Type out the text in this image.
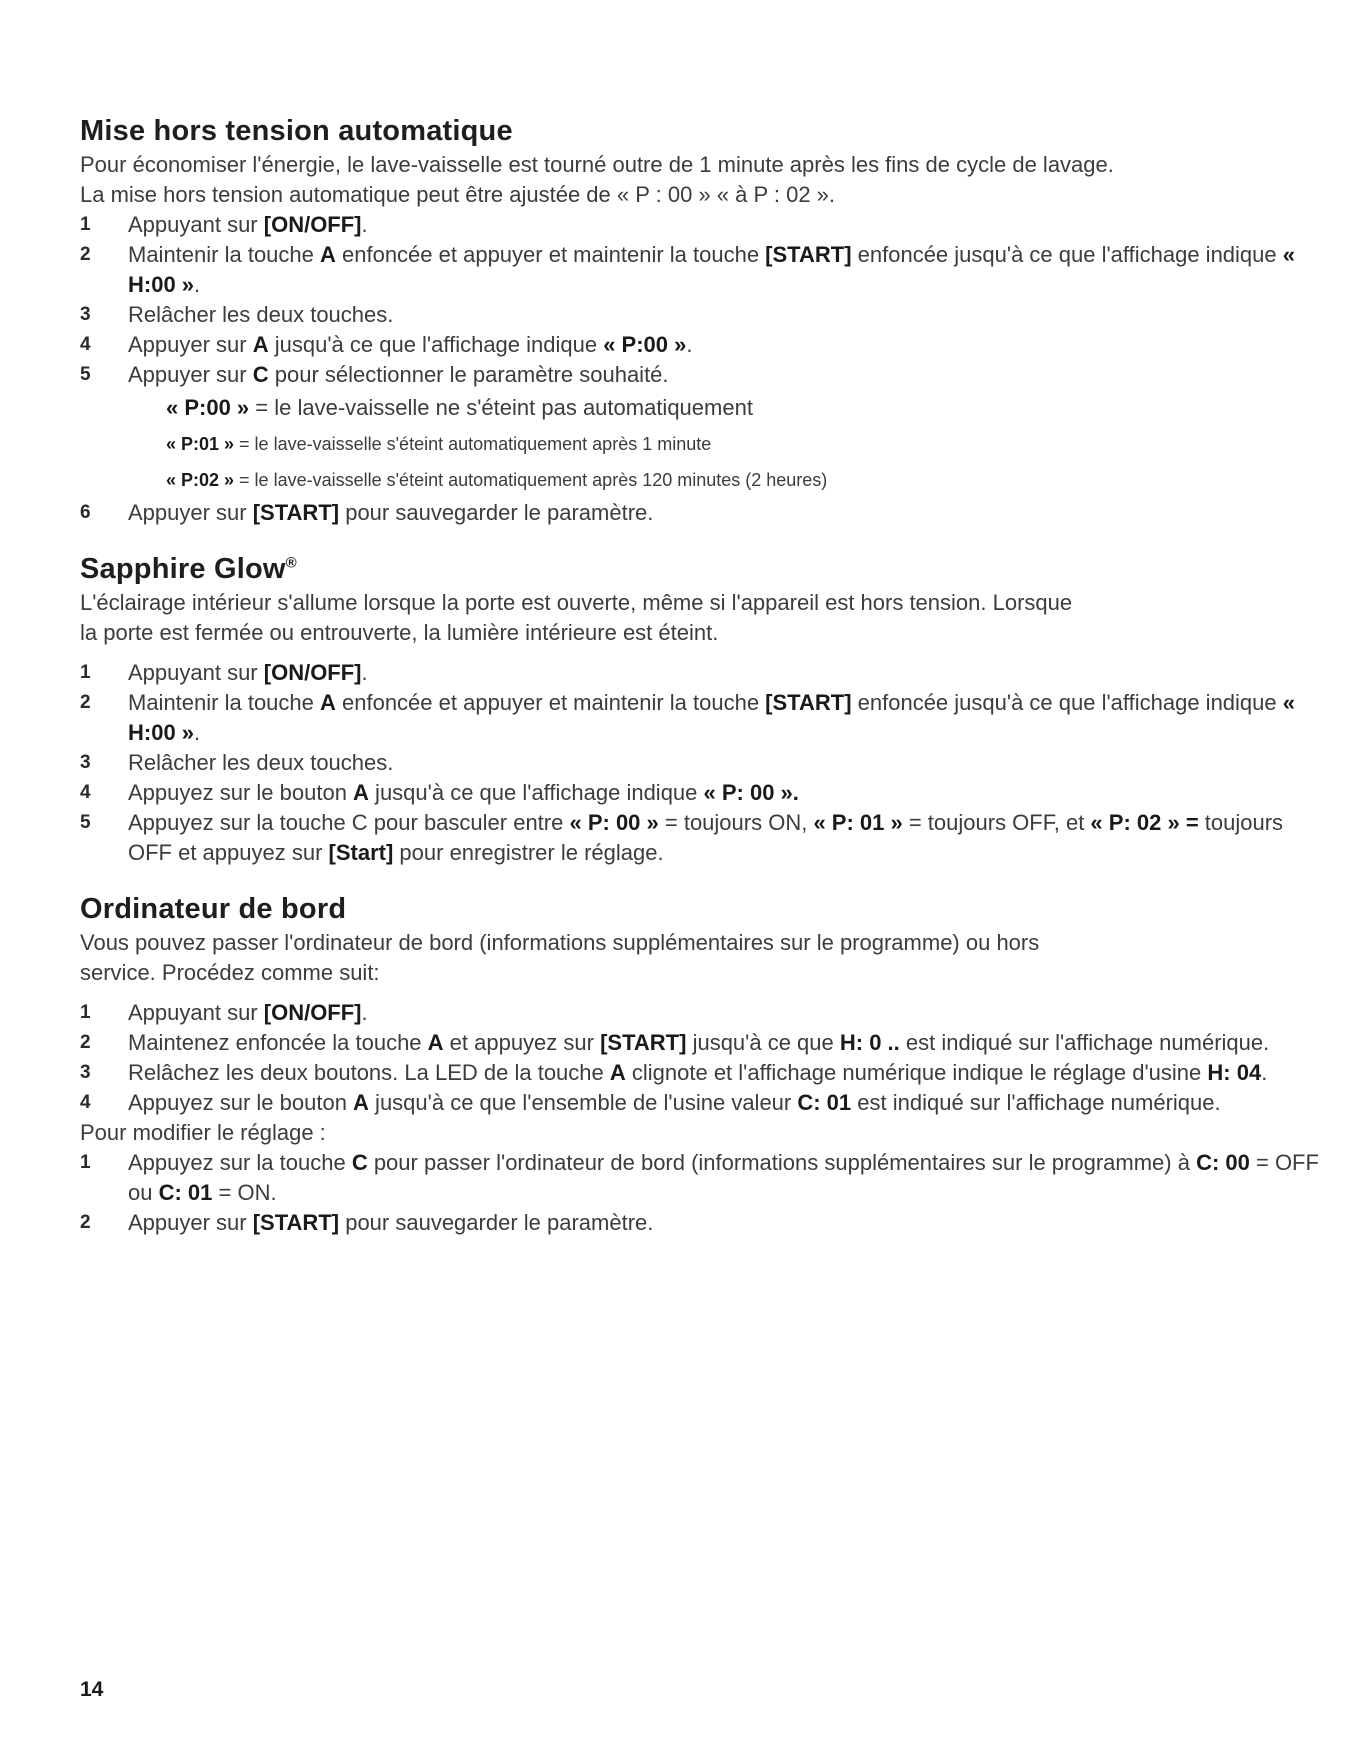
Mise hors tension automatique

Pour économiser l'énergie, le lave-vaisselle est tourné outre de 1 minute après les fins de cycle de lavage.

La mise hors tension automatique peut être ajustée de « P : 00 » « à P : 02 ».

1	Appuyant sur [ON/OFF].
2	Maintenir la touche A enfoncée et appuyer et maintenir la touche [START] enfoncée jusqu'à ce que l'affichage indique « H:00 ».
3	Relâcher les deux touches.
4	Appuyer sur A jusqu'à ce que l'affichage indique « P:00 ».
5	Appuyer sur C pour sélectionner le paramètre souhaité.
« P:00 » = le lave-vaisselle ne s'éteint pas automatiquement
« P:01 » = le lave-vaisselle s'éteint automatiquement après 1 minute
« P:02 » = le lave-vaisselle s'éteint automatiquement après 120 minutes (2 heures)
6	Appuyer sur [START] pour sauvegarder le paramètre.
Sapphire Glow®

L'éclairage intérieur s'allume lorsque la porte est ouverte, même si l'appareil est hors tension. Lorsque

la porte est fermée ou entrouverte, la lumière intérieure est éteint.

1	Appuyant sur [ON/OFF].
2	Maintenir la touche A enfoncée et appuyer et maintenir la touche [START] enfoncée jusqu'à ce que l'affichage indique « H:00 ».
3	Relâcher les deux touches.
4	Appuyez sur le bouton A jusqu'à ce que l'affichage indique « P: 00 ».
5	Appuyez sur la touche C pour basculer entre « P: 00 » = toujours ON, « P: 01 » = toujours OFF, et « P: 02 » = toujours OFF et appuyez sur [Start] pour enregistrer le réglage.
Ordinateur de bord

Vous pouvez passer l'ordinateur de bord (informations supplémentaires sur le programme) ou hors

service. Procédez comme suit:

1	Appuyant sur [ON/OFF].
2	Maintenez enfoncée la touche A et appuyez sur [START] jusqu'à ce que H: 0 .. est indiqué sur l'affichage numérique.
3	Relâchez les deux boutons. La LED de la touche A clignote et l'affichage numérique indique le réglage d'usine H: 04.
4	Appuyez sur le bouton A jusqu'à ce que l'ensemble de l'usine valeur C: 01 est indiqué sur l'affichage numérique.

Pour modifier le réglage :

1	Appuyez sur la touche C pour passer l'ordinateur de bord (informations supplémentaires sur le programme) à C: 00 = OFF ou C: 01 = ON.
2	Appuyer sur [START] pour sauvegarder le paramètre.
14
